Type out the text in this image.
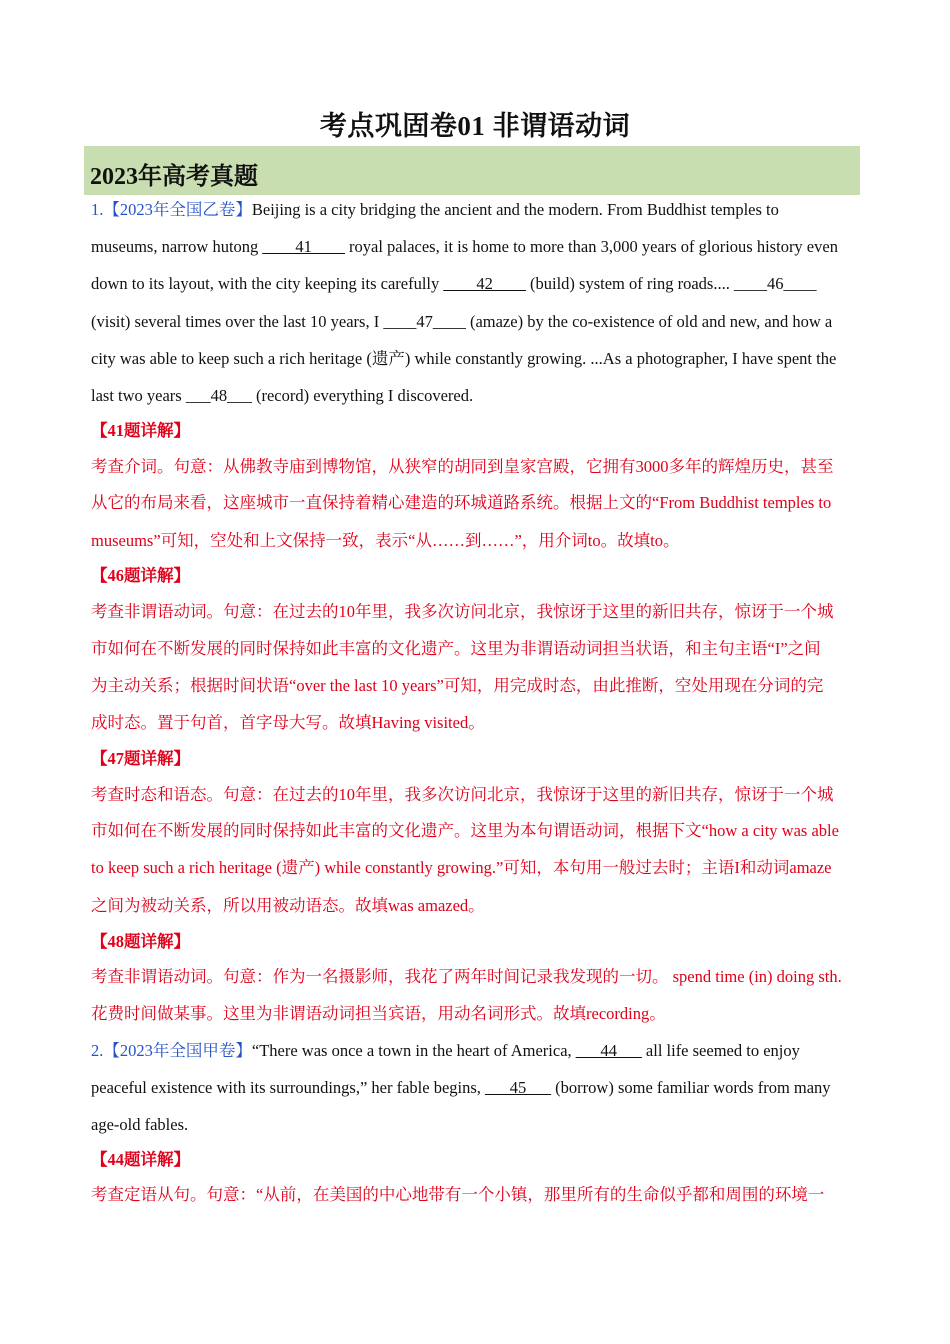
考点巩固卷01 非谓语动词
2023年高考真题
1.【2023年全国乙卷】Beijing is a city bridging the ancient and the modern. From Buddhist temples to
museums, narrow hutong ____41____ royal palaces, it is home to more than 3,000 years of glorious history even
down to its layout, with the city keeping its carefully ____42____ (build) system of ring roads.... ____46____
(visit) several times over the last 10 years, I ____47____ (amaze) by the co-existence of old and new, and how a
city was able to keep such a rich heritage (遗产) while constantly growing. ...As a photographer, I have spent the
last two years ___48___ (record) everything I discovered.
【41题详解】
考查介词。句意：从佛教寺庙到博物馆，从狭窄的胡同到皇家宫殿，它拥有3000多年的辉煌历史，甚至
从它的布局来看，这座城市一直保持着精心建造的环城道路系统。根据上文的“From Buddhist temples to
museums”可知，空处和上文保持一致，表示“从……到……”，用介词to。故填to。
【46题详解】
考查非谓语动词。句意：在过去的10年里，我多次访问北京，我惊讶于这里的新旧共存，惊讶于一个城
市如何在不断发展的同时保持如此丰富的文化遗产。这里为非谓语动词担当状语，和主句主语“I”之间
为主动关系；根据时间状语“over the last 10 years”可知，用完成时态，由此推断，空处用现在分词的完
成时态。置于句首，首字母大写。故填Having visited。
【47题详解】
考查时态和语态。句意：在过去的10年里，我多次访问北京，我惊讶于这里的新旧共存，惊讶于一个城
市如何在不断发展的同时保持如此丰富的文化遗产。这里为本句谓语动词，根据下文“how a city was able
to keep such a rich heritage (遗产) while constantly growing.”可知，本句用一般过去时；主语I和动词amaze
之间为被动关系，所以用被动语态。故填was amazed。
【48题详解】
考查非谓语动词。句意：作为一名摄影师，我花了两年时间记录我发现的一切。 spend time (in) doing sth.
花费时间做某事。这里为非谓语动词担当宾语，用动名词形式。故填recording。
2.【2023年全国甲卷】“There was once a town in the heart of America, ___44___ all life seemed to enjoy
peaceful existence with its surroundings,” her fable begins, ___45___ (borrow) some familiar words from many
age-old fables.
【44题详解】
考查定语从句。句意：“从前，在美国的中心地带有一个小镇，那里所有的生命似乎都和周围的环境一
